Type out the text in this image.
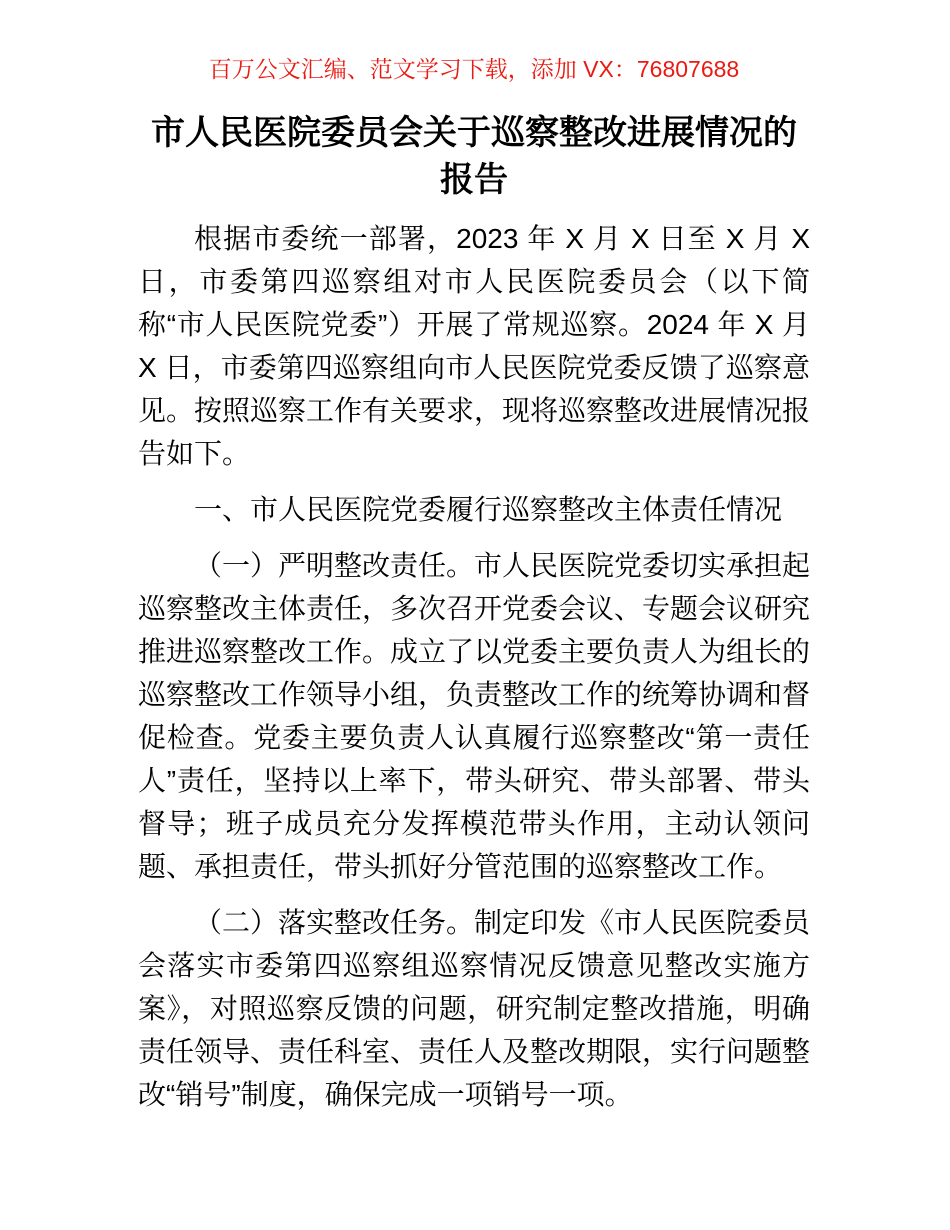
百万公文汇编、范文学习下载，添加 VX：76807688
市人民医院委员会关于巡察整改进展情况的报告

根据市委统一部署，2023 年 X 月 X 日至 X 月 X 日，市委第四巡察组对市人民医院委员会（以下简称“市人民医院党委”）开展了常规巡察。2024 年 X 月 X 日，市委第四巡察组向市人民医院党委反馈了巡察意见。按照巡察工作有关要求，现将巡察整改进展情况报告如下。

一、市人民医院党委履行巡察整改主体责任情况

（一）严明整改责任。市人民医院党委切实承担起巡察整改主体责任，多次召开党委会议、专题会议研究推进巡察整改工作。成立了以党委主要负责人为组长的巡察整改工作领导小组，负责整改工作的统筹协调和督促检查。党委主要负责人认真履行巡察整改“第一责任人”责任，坚持以上率下，带头研究、带头部署、带头督导；班子成员充分发挥模范带头作用，主动认领问题、承担责任，带头抓好分管范围的巡察整改工作。

（二）落实整改任务。制定印发《市人民医院委员会落实市委第四巡察组巡察情况反馈意见整改实施方案》，对照巡察反馈的问题，研究制定整改措施，明确责任领导、责任科室、责任人及整改期限，实行问题整改“销号”制度，确保完成一项销号一项。
